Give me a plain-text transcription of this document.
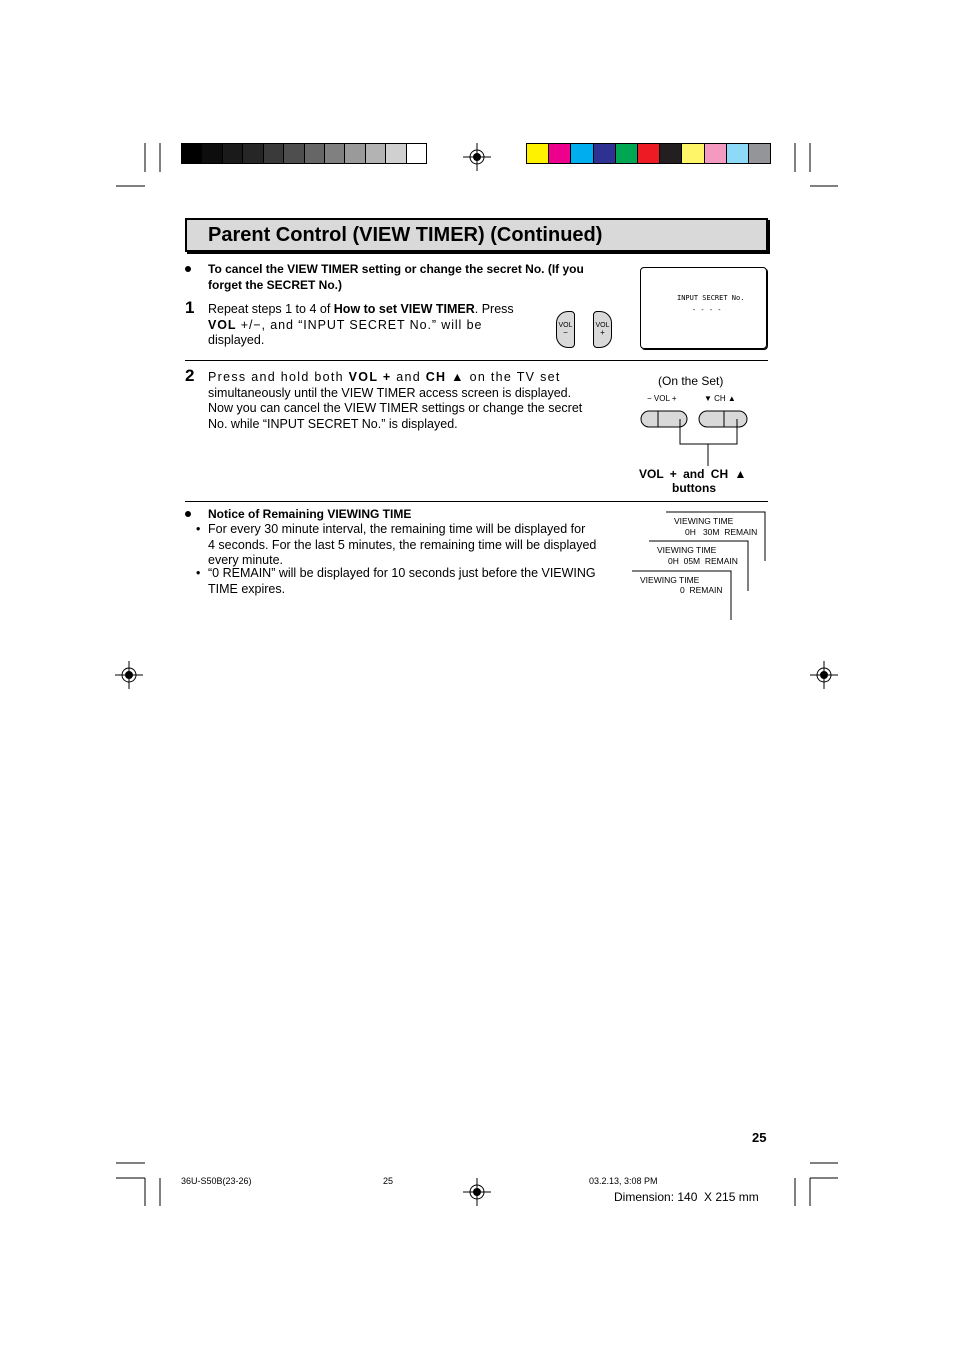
Parent Control (VIEW TIMER) (Continued)
To cancel the VIEW TIMER setting or change the secret No. (If you forget the SECRET No.)
1 Repeat steps 1 to 4 of How to set VIEW TIMER. Press
VOL +/−, and “INPUT SECRET No.” will be
displayed.
VOL
−
VOL
+
INPUT SECRET No.
- - - -
2 Press and hold both VOL + and CH ▲ on the TV set
simultaneously until the VIEW TIMER access screen is displayed.
Now you can cancel the VIEW TIMER settings or change the secret
No. while “INPUT SECRET No.” is displayed.
(On the Set)
− VOL +	▼ CH ▲
VOL + and CH ▲
buttons
Notice of Remaining VIEWING TIME
• For every 30 minute interval, the remaining time will be displayed for
4 seconds. For the last 5 minutes, the remaining time will be displayed
every minute.
• “0 REMAIN” will be displayed for 10 seconds just before the VIEWING
TIME expires.
VIEWING TIME
0H   30M  REMAIN
VIEWING TIME
0H  05M  REMAIN
VIEWING TIME
0  REMAIN
25
36U-S50B(23-26)	25	03.2.13, 3:08 PM
Dimension: 140  X 215 mm
